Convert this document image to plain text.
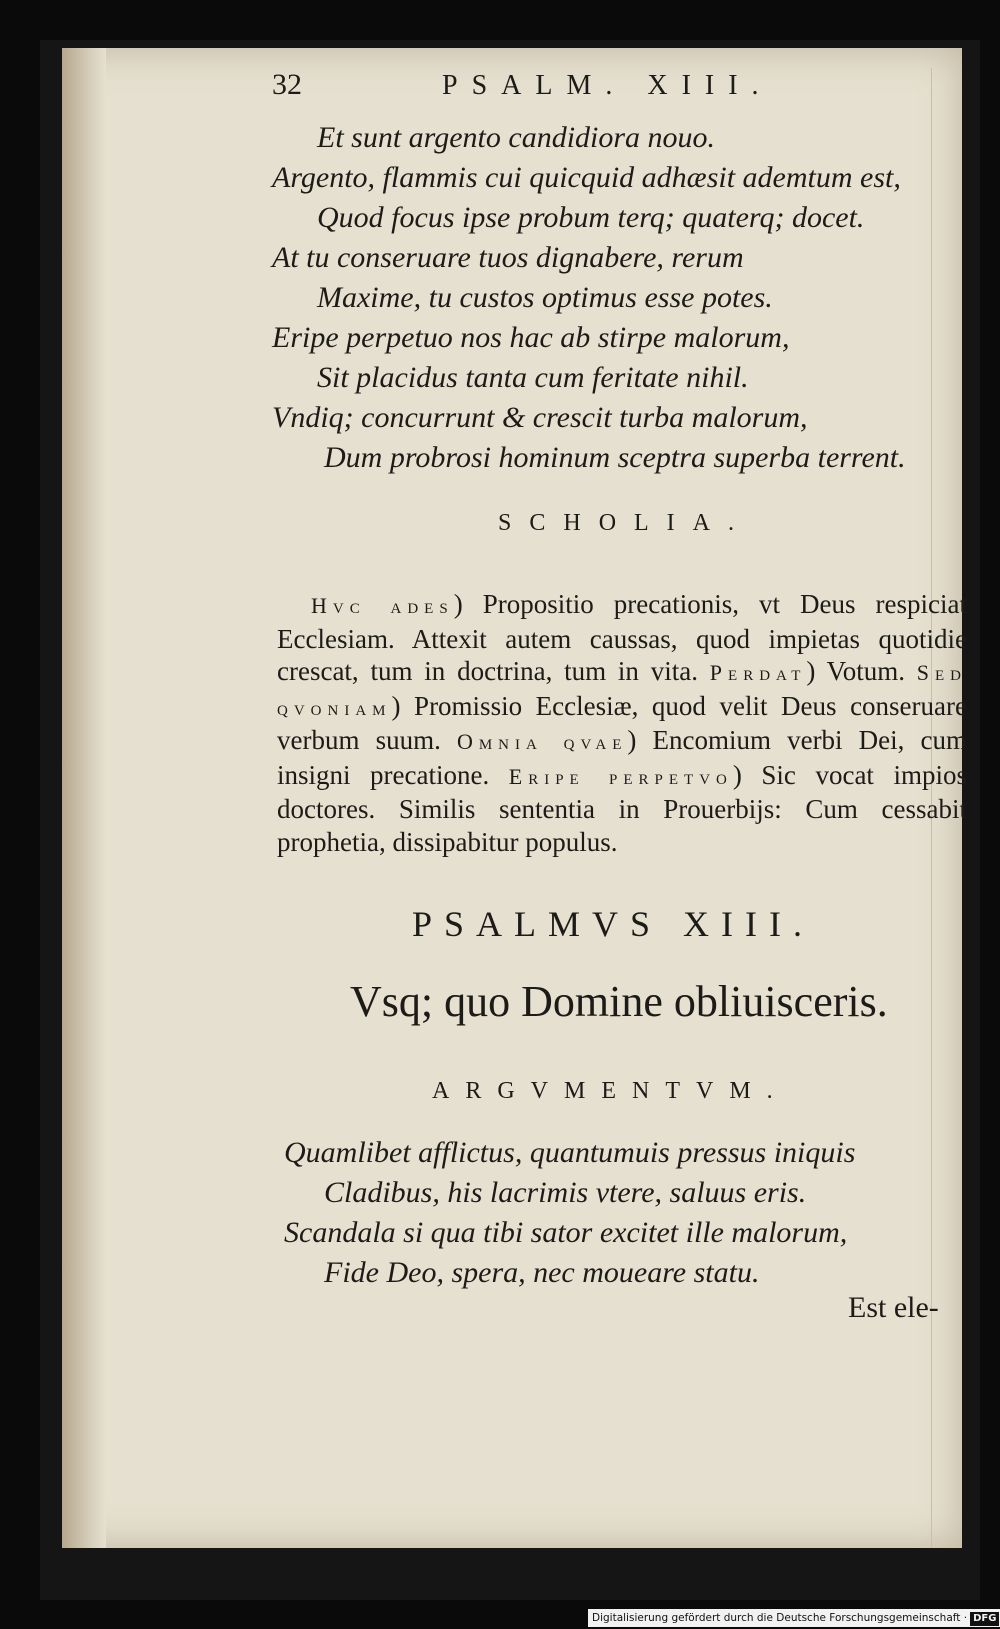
32	PSALM. XIII.
Et sunt argento candidiora nouo.
Argento, flammis cui quicquid adhæsit ademtum est,
Quod focus ipse probum terq; quaterq; docet.
At tu conseruare tuos dignabere, rerum
Maxime, tu custos optimus esse potes.
Eripe perpetuo nos hac ab stirpe malorum,
Sit placidus tanta cum feritate nihil.
Vndiq; concurrunt & crescit turba malorum,
Dum probrosi hominum sceptra superba terrent.
SCHOLIA.
Hvc ades) Propositio precationis, vt Deus respiciat Ecclesiam. Attexit autem caussas, quod impietas quotidie crescat, tum in doctrina, tum in vita. Perdat) Votum. Sed qvoniam) Promissio Ecclesiæ, quod velit Deus conseruare verbum suum. Omnia qvae) Encomium verbi Dei, cum insigni precatione. Eripe perpetvo) Sic vocat impios doctores. Similis sententia in Prouerbijs: Cum cessabit prophetia, dissipabitur populus.
PSALMVS XIII.
Vsq; quo Domine obliuisceris.
ARGVMENTVM.
Quamlibet afflictus, quantumuis pressus iniquis
Cladibus, his lacrimis vtere, saluus eris.
Scandala si qua tibi sator excitet ille malorum,
Fide Deo, spera, nec moueare statu.
Est ele-
Digitalisierung gefördert durch die Deutsche Forschungsgemeinschaft · DFG
